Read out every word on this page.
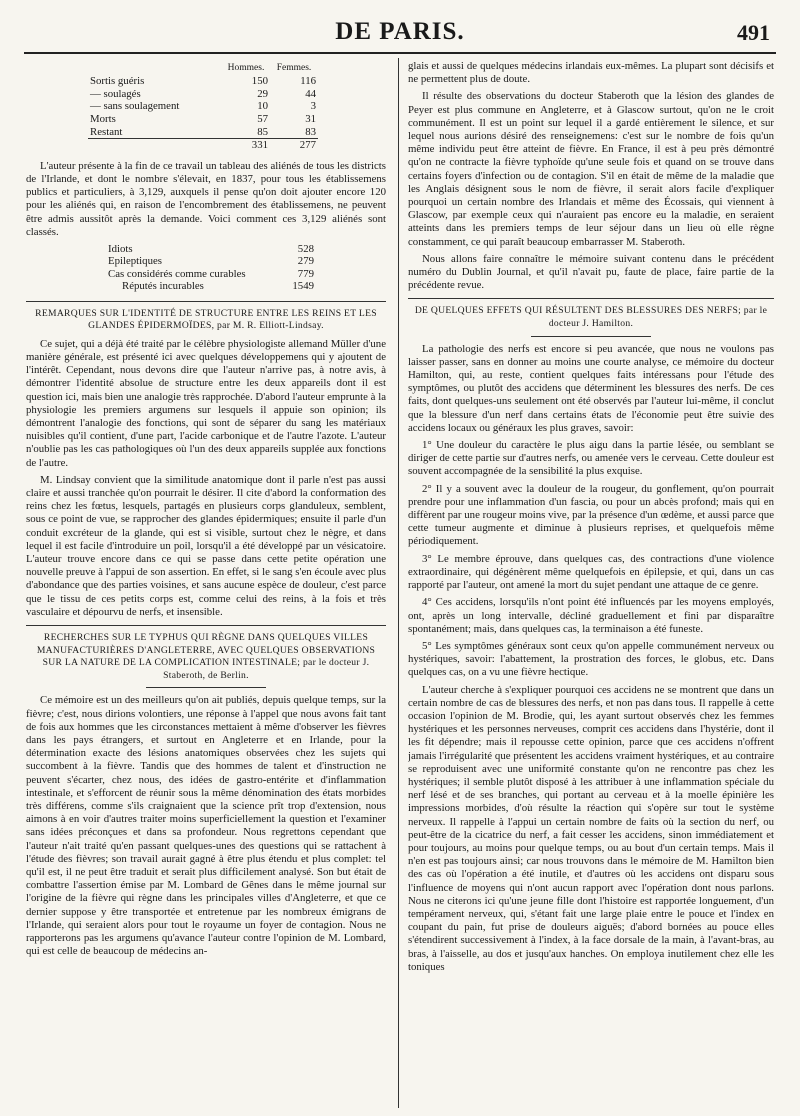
DE PARIS.	491
	Hommes.	Femmes.
Sortis guéris	150	116
— soulagés	29	44
— sans soulagement	10	3
Morts	57	31
Restant	85	83
	331	277

L'auteur présente à la fin de ce travail un tableau des aliénés de tous les districts de l'Irlande, et dont le nombre s'élevait, en 1837, pour tous les établissemens publics et particuliers, à 3,129, auxquels il pense qu'on doit ajouter encore 120 pour les aliénés qui, en raison de l'encombrement des établissemens, ne peuvent être admis aussitôt après la demande. Voici comment ces 3,129 aliénés sont classés.

Idiots	528
Epileptiques	279
Cas considérés comme curables	779
Réputés incurables	1549

REMARQUES SUR L'IDENTITÉ DE STRUCTURE ENTRE LES REINS ET LES GLANDES ÉPIDERMOÏDES, par M. R. Elliott-Lindsay.

Ce sujet, qui a déjà été traité par le célèbre physiologiste allemand Müller d'une manière générale, est présenté ici avec quelques développemens qui y ajoutent de l'intérêt. Cependant, nous devons dire que l'auteur n'arrive pas, à notre avis, à démontrer l'identité absolue de structure entre les deux appareils dont il est question ici, mais bien une analogie très rapprochée. D'abord l'auteur emprunte à la physiologie les premiers argumens sur lesquels il appuie son opinion; ils démontrent l'analogie des fonctions, qui sont de séparer du sang les matériaux nuisibles qu'il contient, d'une part, l'acide carbonique et de l'autre l'azote. L'auteur n'oublie pas les cas pathologiques où l'un des deux appareils supplée aux fonctions de l'autre.

M. Lindsay convient que la similitude anatomique dont il parle n'est pas aussi claire et aussi tranchée qu'on pourrait le désirer. Il cite d'abord la conformation des reins chez les fœtus, lesquels, partagés en plusieurs corps glanduleux, semblent, sous ce point de vue, se rapprocher des glandes épidermiques; ensuite il parle d'un conduit excréteur de la glande, qui est si visible, surtout chez le nègre, et dans lequel il est facile d'introduire un poil, lorsqu'il a été développé par un vésicatoire. L'auteur trouve encore dans ce qui se passe dans cette petite opération une nouvelle preuve à l'appui de son assertion. En effet, si le sang s'en écoule avec plus d'abondance que des parties voisines, et sans aucune espèce de douleur, c'est parce que le tissu de ces petits corps est, comme celui des reins, à la fois et très vasculaire et dépourvu de nerfs, et insensible.

RECHERCHES SUR LE TYPHUS QUI RÈGNE DANS QUELQUES VILLES MANUFACTURIÈRES D'ANGLETERRE, AVEC QUELQUES OBSERVATIONS SUR LA NATURE DE LA COMPLICATION INTESTINALE; par le docteur J. Staberoth, de Berlin.

Ce mémoire est un des meilleurs qu'on ait publiés, depuis quelque temps, sur la fièvre; c'est, nous dirions volontiers, une réponse à l'appel que nous avons fait tant de fois aux hommes que les circonstances mettaient à même d'observer les fièvres dans les pays étrangers, et surtout en Angleterre et en Irlande, pour la détermination exacte des lésions anatomiques observées chez les sujets qui succombent à la fièvre. Tandis que des hommes de talent et d'instruction ne peuvent s'écarter, chez nous, des idées de gastro-entérite et d'inflammation intestinale, et s'efforcent de réunir sous la même dénomination des états morbides très différens, comme s'ils craignaient que la science prît trop d'extension, nous aimons à en voir d'autres traiter moins superficiellement la question et l'examiner sans idées préconçues et dans sa profondeur. Nous regrettons cependant que l'auteur n'ait traité qu'en passant quelques-unes des questions qui se rattachent à l'étude des fièvres; son travail aurait gagné à être plus étendu et plus complet: tel qu'il est, il ne peut être traduit et serait plus difficilement analysé. Son but était de combattre l'assertion émise par M. Lombard de Gênes dans le même journal sur l'origine de la fièvre qui règne dans les principales villes d'Angleterre, et que ce dernier suppose y être transportée et entretenue par les nombreux émigrans de l'Irlande, qui seraient alors pour tout le royaume un foyer de contagion. Nous ne rapporterons pas les argumens qu'avance l'auteur contre l'opinion de M. Lombard, qui est celle de beaucoup de médecins an-

glais et aussi de quelques médecins irlandais eux-mêmes. La plupart sont décisifs et ne permettent plus de doute.

Il résulte des observations du docteur Staberoth que la lésion des glandes de Peyer est plus commune en Angleterre, et à Glascow surtout, qu'on ne le croit communément. Il est un point sur lequel il a gardé entièrement le silence, et sur lequel nous aurions désiré des renseignemens: c'est sur le nombre de fois qu'un même individu peut être atteint de fièvre. En France, il est à peu près démontré qu'on ne contracte la fièvre typhoïde qu'une seule fois et quand on se trouve dans certains foyers d'infection ou de contagion. S'il en était de même de la maladie que les Anglais désignent sous le nom de fièvre, il serait alors facile d'expliquer pourquoi un certain nombre des Irlandais et même des Écossais, qui viennent à Glascow, par exemple ceux qui n'auraient pas encore eu la maladie, en seraient atteints dans les premiers temps de leur séjour dans un lieu où elle règne constamment, ce qui paraît beaucoup embarrasser M. Staberoth.

Nous allons faire connaître le mémoire suivant contenu dans le précédent numéro du Dublin Journal, et qu'il n'avait pu, faute de place, faire partie de la précédente revue.

DE QUELQUES EFFETS QUI RÉSULTENT DES BLESSURES DES NERFS; par le docteur J. Hamilton.

La pathologie des nerfs est encore si peu avancée, que nous ne voulons pas laisser passer, sans en donner au moins une courte analyse, ce mémoire du docteur Hamilton, qui, au reste, contient quelques faits intéressans pour l'étude des symptômes, ou plutôt des accidens que déterminent les blessures des nerfs. De ces faits, dont quelques-uns seulement ont été observés par l'auteur lui-même, il conclut que la blessure d'un nerf dans certains états de l'économie peut être suivie des accidens locaux ou généraux les plus graves, savoir:

1° Une douleur du caractère le plus aigu dans la partie lésée, ou semblant se diriger de cette partie sur d'autres nerfs, ou amenée vers le cerveau. Cette douleur est souvent accompagnée de la sensibilité la plus exquise.

2° Il y a souvent avec la douleur de la rougeur, du gonflement, qu'on pourrait prendre pour une inflammation d'un fascia, ou pour un abcès profond; mais qui en diffèrent par une rougeur moins vive, par la présence d'un œdème, et aussi parce que cette tumeur augmente et diminue à plusieurs reprises, et quelquefois même périodiquement.

3° Le membre éprouve, dans quelques cas, des contractions d'une violence extraordinaire, qui dégénèrent même quelquefois en épilepsie, et qui, dans un cas rapporté par l'auteur, ont amené la mort du sujet pendant une attaque de ce genre.

4° Ces accidens, lorsqu'ils n'ont point été influencés par les moyens employés, ont, après un long intervalle, décliné graduellement et fini par disparaître spontanément; mais, dans quelques cas, la terminaison a été funeste.

5° Les symptômes généraux sont ceux qu'on appelle communément nerveux ou hystériques, savoir: l'abattement, la prostration des forces, le globus, etc. Dans quelques cas, on a vu une fièvre hectique.

L'auteur cherche à s'expliquer pourquoi ces accidens ne se montrent que dans un certain nombre de cas de blessures des nerfs, et non pas dans tous. Il rappelle à cette occasion l'opinion de M. Brodie, qui, les ayant surtout observés chez les femmes hystériques et les personnes nerveuses, comprit ces accidens dans l'hystérie, dont il les fit dépendre; mais il repousse cette opinion, parce que ces accidens n'offrent jamais l'irrégularité que présentent les accidens vraiment hystériques, et au contraire se reproduisent avec une uniformité constante qu'on ne rencontre pas chez les hystériques; il semble plutôt disposé à les attribuer à une inflammation spéciale du nerf lésé et de ses branches, qui portant au cerveau et à la moelle épinière les impressions morbides, d'où résulte la réaction qui s'opère sur tout le système nerveux. Il rappelle à l'appui un certain nombre de faits où la section du nerf, ou peut-être de la cicatrice du nerf, a fait cesser les accidens, sinon immédiatement et pour toujours, au moins pour quelque temps, ou au bout d'un certain temps. Mais il n'en est pas toujours ainsi; car nous trouvons dans le mémoire de M. Hamilton bien des cas où l'opération a été inutile, et d'autres où les accidens ont disparu sous l'influence de moyens qui n'ont aucun rapport avec l'opération dont nous parlons. Nous ne citerons ici qu'une jeune fille dont l'histoire est rapportée longuement, d'un tempérament nerveux, qui, s'étant fait une large plaie entre le pouce et l'index en coupant du pain, fut prise de douleurs aiguës; d'abord bornées au pouce elles s'étendirent successivement à l'index, à la face dorsale de la main, à l'avant-bras, au bras, à l'aisselle, au dos et jusqu'aux hanches. On employa inutilement chez elle les toniques
